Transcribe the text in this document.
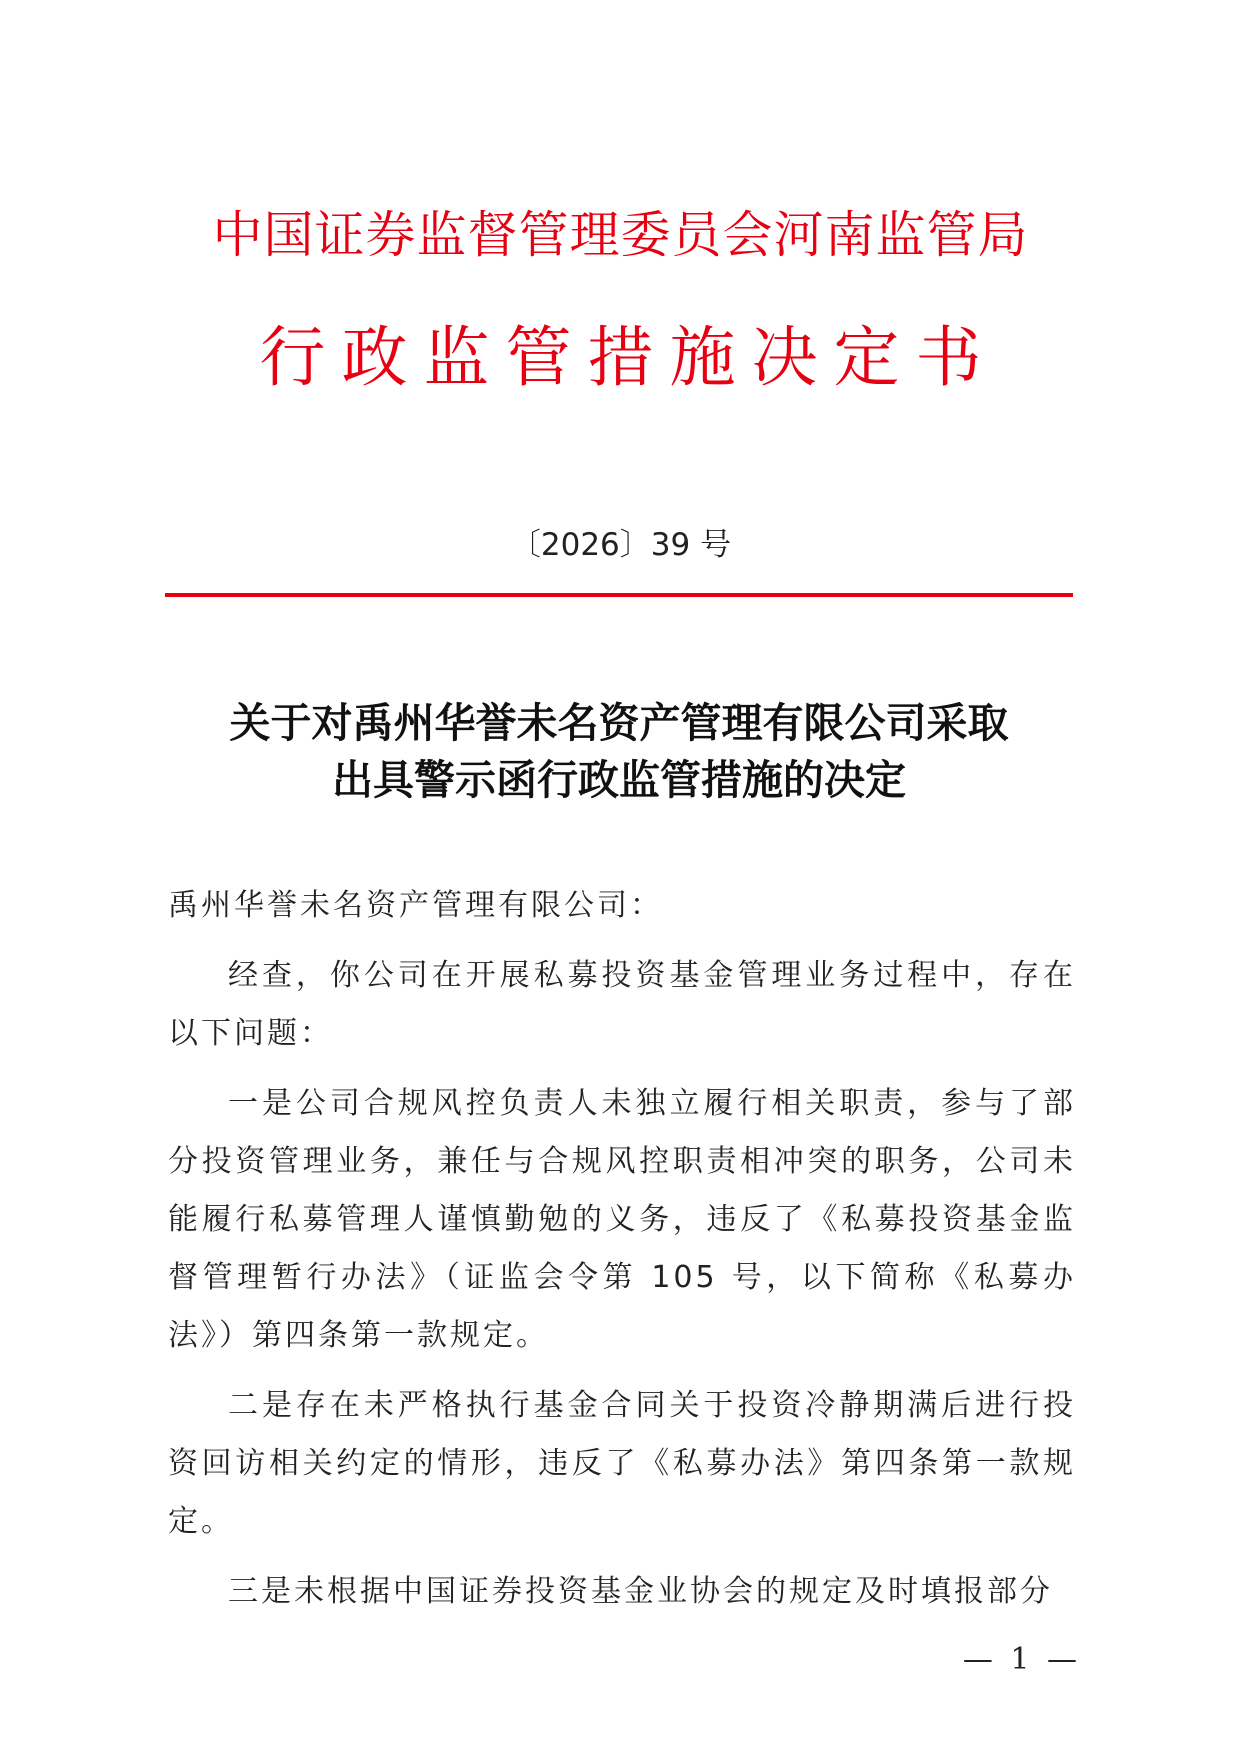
中国证券监督管理委员会河南监管局
行政监管措施决定书
〔2026〕39 号
关于对禹州华誉未名资产管理有限公司采取
出具警示函行政监管措施的决定

禹州华誉未名资产管理有限公司：

经查，你公司在开展私募投资基金管理业务过程中，存在以下问题：

一是公司合规风控负责人未独立履行相关职责，参与了部分投资管理业务，兼任与合规风控职责相冲突的职务，公司未能履行私募管理人谨慎勤勉的义务，违反了《私募投资基金监督管理暂行办法》（证监会令第 105 号，以下简称《私募办法》）第四条第一款规定。

二是存在未严格执行基金合同关于投资冷静期满后进行投资回访相关约定的情形，违反了《私募办法》第四条第一款规定。

三是未根据中国证券投资基金业协会的规定及时填报部分

— 1 —
